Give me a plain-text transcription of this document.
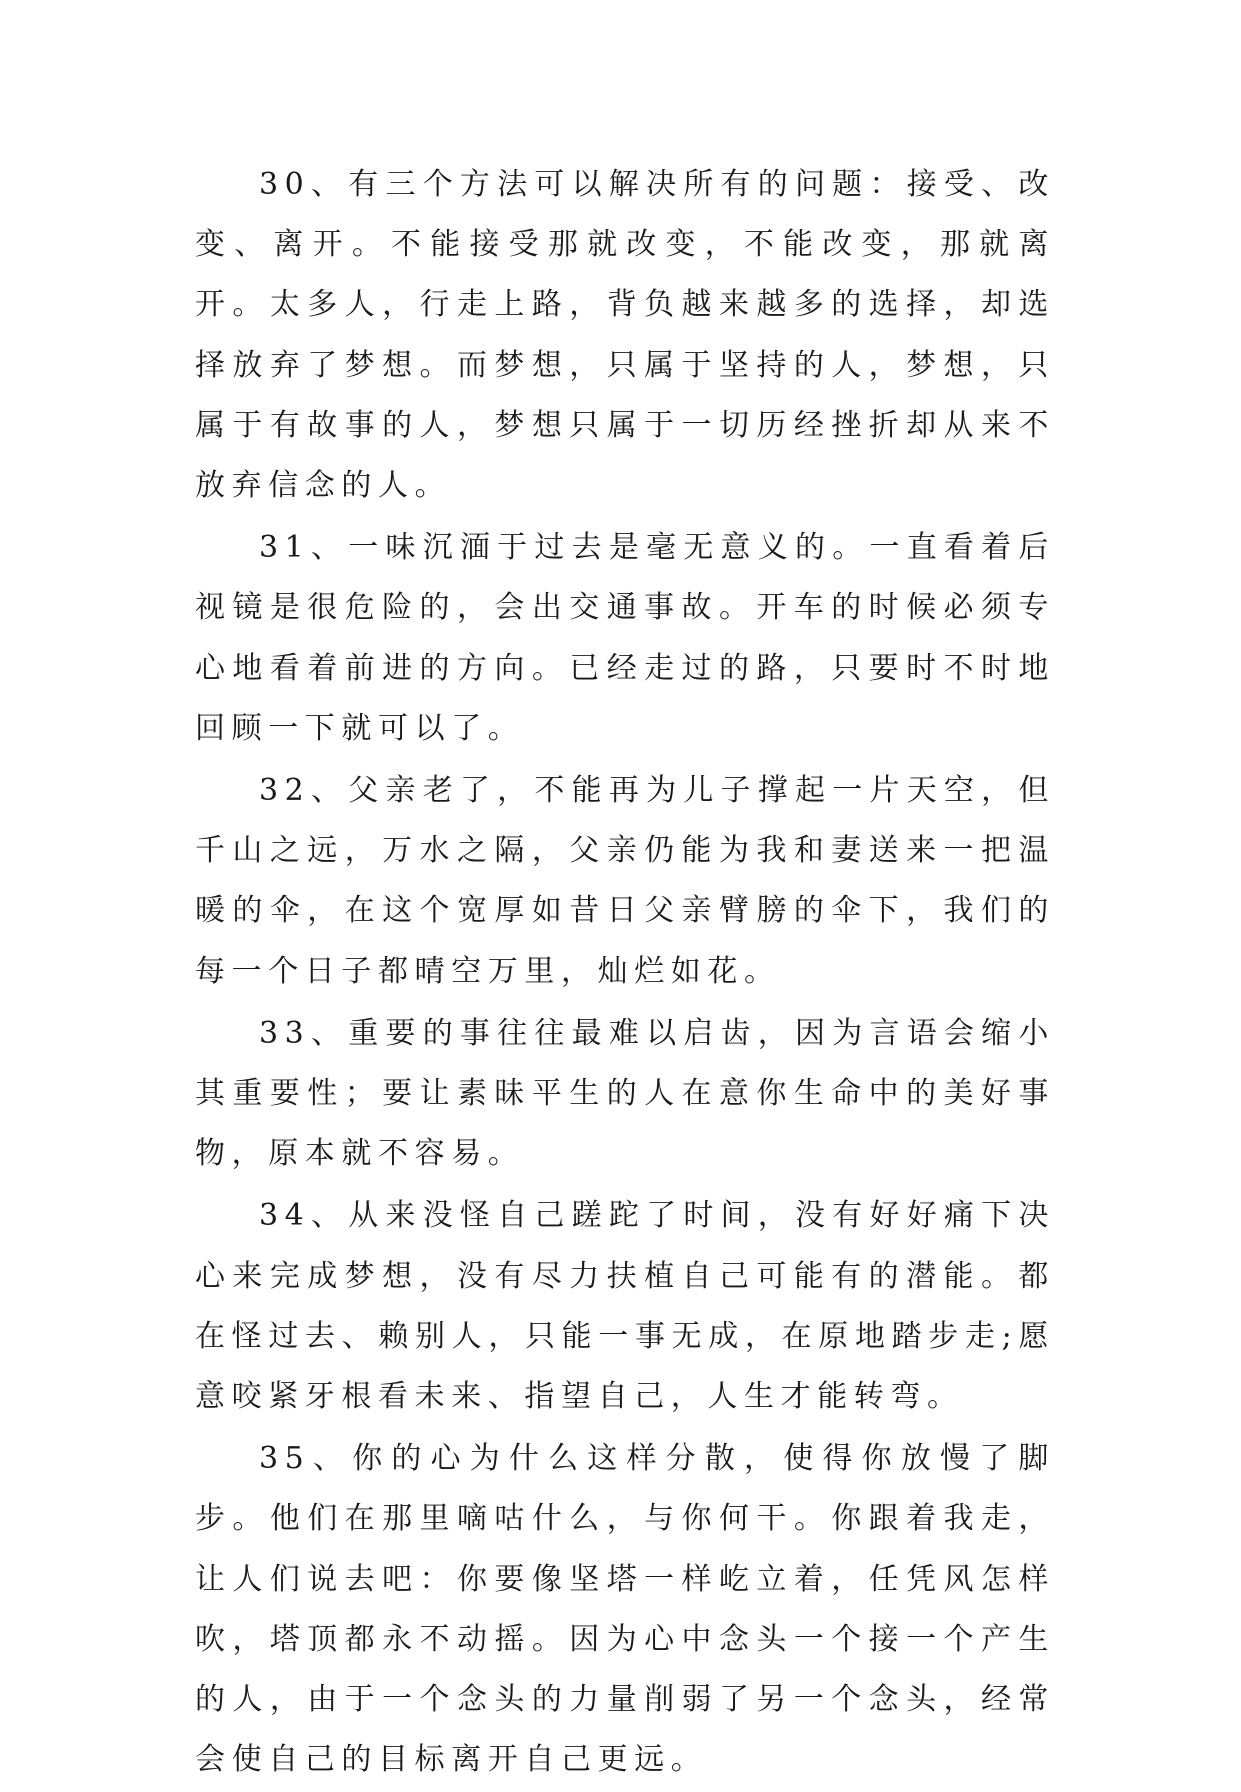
30、有三个方法可以解决所有的问题：接受、改变、离开。不能接受那就改变，不能改变，那就离开。太多人，行走上路，背负越来越多的选择，却选择放弃了梦想。而梦想，只属于坚持的人，梦想，只属于有故事的人，梦想只属于一切历经挫折却从来不放弃信念的人。

31、一味沉湎于过去是毫无意义的。一直看着后视镜是很危险的，会出交通事故。开车的时候必须专心地看着前进的方向。已经走过的路，只要时不时地回顾一下就可以了。

32、父亲老了，不能再为儿子撑起一片天空，但千山之远，万水之隔，父亲仍能为我和妻送来一把温暖的伞，在这个宽厚如昔日父亲臂膀的伞下，我们的每一个日子都晴空万里，灿烂如花。

33、重要的事往往最难以启齿，因为言语会缩小其重要性；要让素昧平生的人在意你生命中的美好事物，原本就不容易。

34、从来没怪自己蹉跎了时间，没有好好痛下决心来完成梦想，没有尽力扶植自己可能有的潜能。都在怪过去、赖别人，只能一事无成，在原地踏步走;愿意咬紧牙根看未来、指望自己，人生才能转弯。

35、你的心为什么这样分散，使得你放慢了脚步。他们在那里嘀咕什么，与你何干。你跟着我走，让人们说去吧：你要像坚塔一样屹立着，任凭风怎样吹，塔顶都永不动摇。因为心中念头一个接一个产生的人，由于一个念头的力量削弱了另一个念头，经常会使自己的目标离开自己更远。
